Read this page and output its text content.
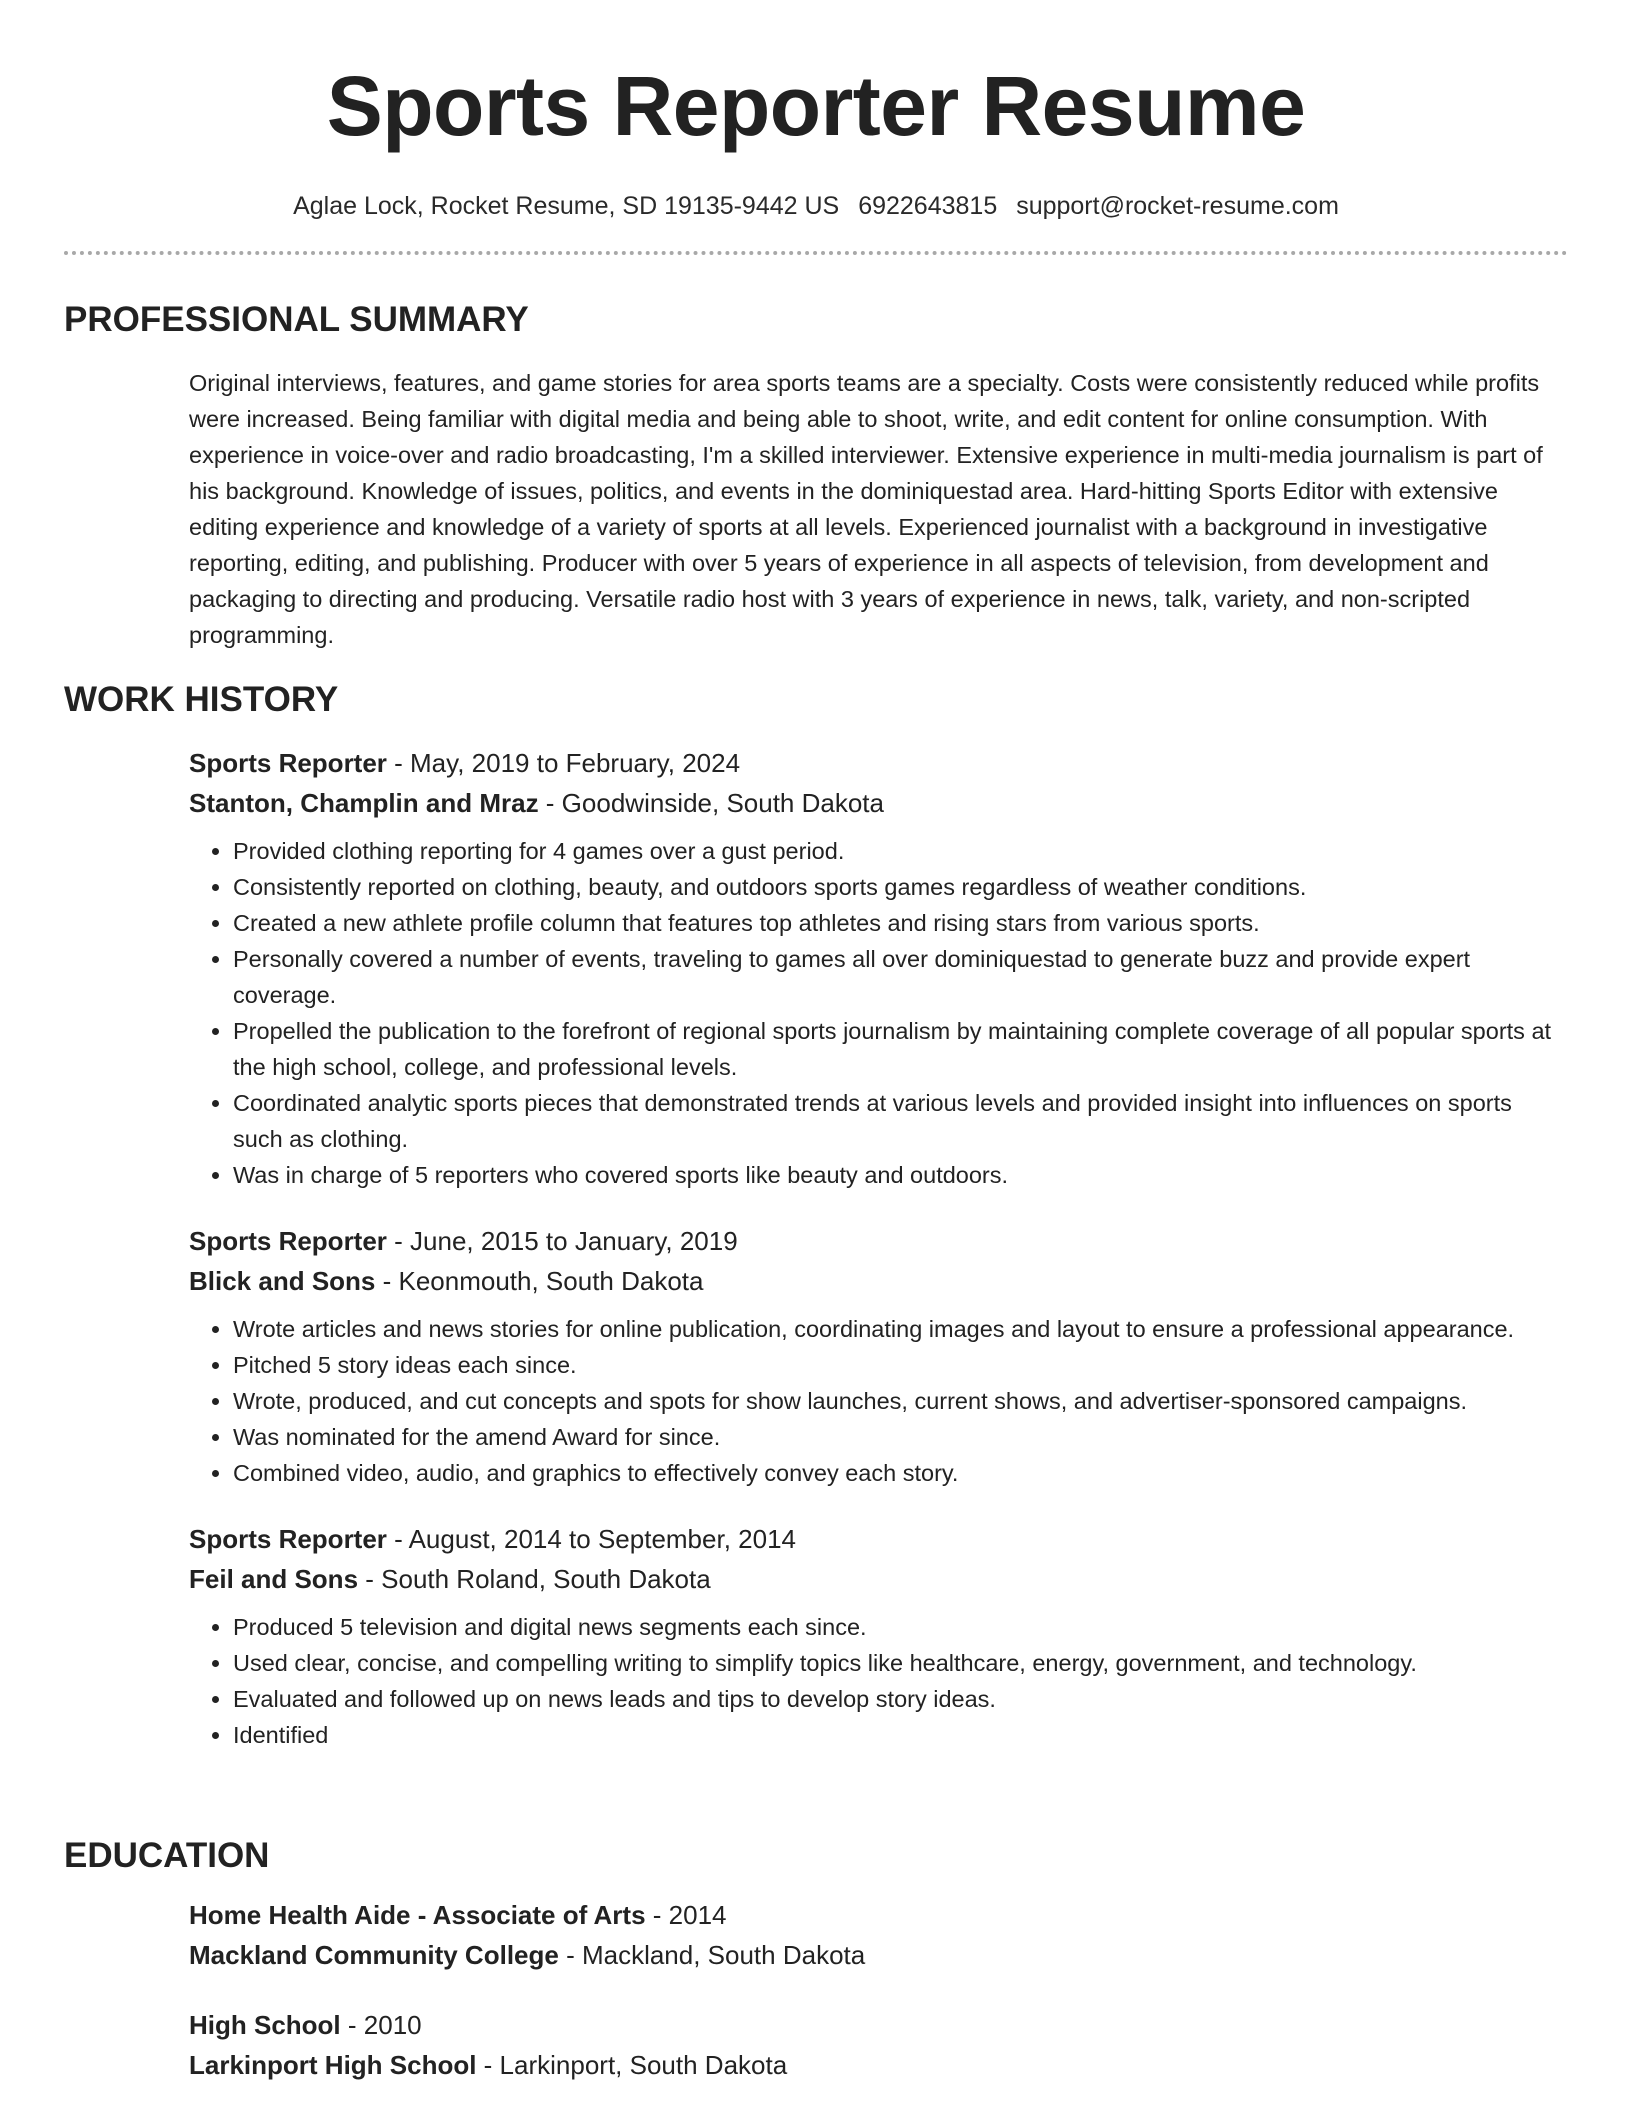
Sports Reporter Resume
Aglae Lock, Rocket Resume, SD 19135-9442 US 6922643815 support@rocket-resume.com
PROFESSIONAL SUMMARY

Original interviews, features, and game stories for area sports teams are a specialty. Costs were consistently reduced while profits were increased. Being familiar with digital media and being able to shoot, write, and edit content for online consumption. With experience in voice-over and radio broadcasting, I'm a skilled interviewer. Extensive experience in multi-media journalism is part of his background. Knowledge of issues, politics, and events in the dominiquestad area. Hard-hitting Sports Editor with extensive editing experience and knowledge of a variety of sports at all levels. Experienced journalist with a background in investigative reporting, editing, and publishing. Producer with over 5 years of experience in all aspects of television, from development and packaging to directing and producing. Versatile radio host with 3 years of experience in news, talk, variety, and non-scripted programming.

WORK HISTORY
Sports Reporter - May, 2019 to February, 2024
Stanton, Champlin and Mraz - Goodwinside, South Dakota
• Provided clothing reporting for 4 games over a gust period.
• Consistently reported on clothing, beauty, and outdoors sports games regardless of weather conditions.
• Created a new athlete profile column that features top athletes and rising stars from various sports.
• Personally covered a number of events, traveling to games all over dominiquestad to generate buzz and provide expert coverage.
• Propelled the publication to the forefront of regional sports journalism by maintaining complete coverage of all popular sports at the high school, college, and professional levels.
• Coordinated analytic sports pieces that demonstrated trends at various levels and provided insight into influences on sports such as clothing.
• Was in charge of 5 reporters who covered sports like beauty and outdoors.
Sports Reporter - June, 2015 to January, 2019
Blick and Sons - Keonmouth, South Dakota
• Wrote articles and news stories for online publication, coordinating images and layout to ensure a professional appearance.
• Pitched 5 story ideas each since.
• Wrote, produced, and cut concepts and spots for show launches, current shows, and advertiser-sponsored campaigns.
• Was nominated for the amend Award for since.
• Combined video, audio, and graphics to effectively convey each story.
Sports Reporter - August, 2014 to September, 2014
Feil and Sons - South Roland, South Dakota
• Produced 5 television and digital news segments each since.
• Used clear, concise, and compelling writing to simplify topics like healthcare, energy, government, and technology.
• Evaluated and followed up on news leads and tips to develop story ideas.
• Identified
EDUCATION
Home Health Aide - Associate of Arts - 2014
Mackland Community College - Mackland, South Dakota
High School - 2010
Larkinport High School - Larkinport, South Dakota
